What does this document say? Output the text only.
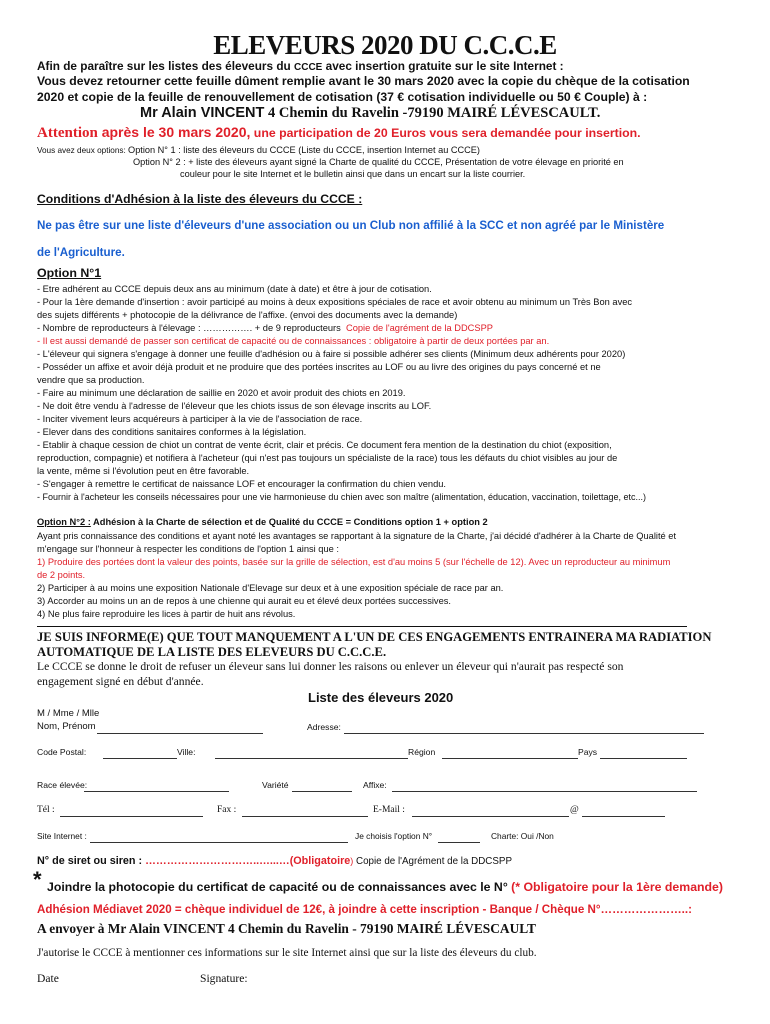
ELEVEURS 2020 DU C.C.C.E
Afin de paraître sur les listes des éleveurs du CCCE avec insertion gratuite sur le site Internet :
Vous devez retourner cette feuille dûment remplie avant le 30 mars 2020 avec la copie du chèque de la cotisation
2020 et copie de la feuille de renouvellement de cotisation (37 € cotisation individuelle ou 50 € Couple) à :
Mr Alain VINCENT 4 Chemin du Ravelin -79190 MAIRÉ LÉVESCAULT.
Attention après le 30 mars 2020, une participation de 20 Euros vous sera demandée pour insertion.
Vous avez deux options: Option N° 1 : liste des éleveurs du CCCE (Liste du CCCE, insertion Internet au CCCE)
Option N° 2 : + liste des éleveurs ayant signé la Charte de qualité du CCCE, Présentation de votre élevage en priorité en
couleur pour le site Internet et le bulletin ainsi que dans un encart sur la liste courrier.
Conditions d'Adhésion à la liste des éleveurs du CCCE :
Ne pas être sur une liste d'éleveurs d'une association ou un Club non affilié à la SCC et non agréé par le Ministère
de l'Agriculture.
Option N°1
- Etre adhérent au CCCE depuis deux ans au minimum (date à date) et être à jour de cotisation.
- Pour la 1ère demande d'insertion : avoir participé au moins à deux expositions spéciales de race et avoir obtenu au minimum un Très Bon avec
des sujets différents + photocopie de la délivrance de l'affixe. (envoi des documents avec la demande)
- Nombre de reproducteurs à l'élevage : ……………. + de 9 reproducteurs Copie de l'agrément de la DDCSPP
- Il est aussi demandé de passer son certificat de capacité ou de connaissances : obligatoire à partir de deux portées par an.
- L'éleveur qui signera s'engage à donner une feuille d'adhésion ou à faire si possible adhérer ses clients (Minimum deux adhérents pour 2020)
- Posséder un affixe et avoir déjà produit et ne produire que des portées inscrites au LOF ou au livre des origines du pays concerné et ne
vendre que sa production.
- Faire au minimum une déclaration de saillie en 2020 et avoir produit des chiots en 2019.
- Ne doit être vendu à l'adresse de l'éleveur que les chiots issus de son élevage inscrits au LOF.
- Inciter vivement leurs acquéreurs à participer à la vie de l'association de race.
- Elever dans des conditions sanitaires conformes à la législation.
- Etablir à chaque cession de chiot un contrat de vente écrit, clair et précis. Ce document fera mention de la destination du chiot (exposition,
reproduction, compagnie) et notifiera à l'acheteur (qui n'est pas toujours un spécialiste de la race) tous les défauts du chiot visibles au jour de
la vente, même si l'évolution peut en être favorable.
- S'engager à remettre le certificat de naissance LOF et encourager la confirmation du chien vendu.
- Fournir à l'acheteur les conseils nécessaires pour une vie harmonieuse du chien avec son maître (alimentation, éducation, vaccination, toilettage, etc...)
Option N°2 : Adhésion à la Charte de sélection et de Qualité du CCCE = Conditions option 1 + option 2
Ayant pris connaissance des conditions et ayant noté les avantages se rapportant à la signature de la Charte, j'ai décidé d'adhérer à la Charte de Qualité et
m'engage sur l'honneur à respecter les conditions de l'option 1 ainsi que :
1) Produire des portées dont la valeur des points, basée sur la grille de sélection, est d'au moins 5 (sur l'échelle de 12). Avec un reproducteur au minimum
de 2 points.
2) Participer à au moins une exposition Nationale d'Elevage sur deux et à une exposition spéciale de race par an.
3) Accorder au moins un an de repos à une chienne qui aurait eu et élevé deux portées successives.
4) Ne plus faire reproduire les lices à partir de huit ans révolus.
JE SUIS INFORME(E) QUE TOUT MANQUEMENT A L'UN DE CES ENGAGEMENTS ENTRAINERA MA RADIATION
AUTOMATIQUE DE LA LISTE DES ELEVEURS DU C.C.C.E.
Le CCCE se donne le droit de refuser un éleveur sans lui donner les raisons ou enlever un éleveur qui n'aurait pas respecté son
engagement signé en début d'année.
Liste des éleveurs 2020
M / Mme / Mlle
Nom, Prénom	Adresse:
Code Postal:	Ville:	Région	Pays
Race élevée:	Variété	Affixe:
Tél :	Fax :	E-Mail :	@
Site Internet :	Je choisis l'option N°	Charte: Oui /Non
N° de siret ou siren : …………………………..…...…(Obligatoire) Copie de l'Agrément de la DDCSPP
* Joindre la photocopie du certificat de capacité ou de connaissances avec le N° (* Obligatoire pour la 1ère demande)
Adhésion Médiavet 2020 = chèque individuel de 12€, à joindre à cette inscription - Banque / Chèque N°…………………..:
A envoyer à Mr Alain VINCENT 4 Chemin du Ravelin - 79190 MAIRÉ LÉVESCAULT
J'autorise le CCCE à mentionner ces informations sur le site Internet ainsi que sur la liste des éleveurs du club.
Date	Signature:
